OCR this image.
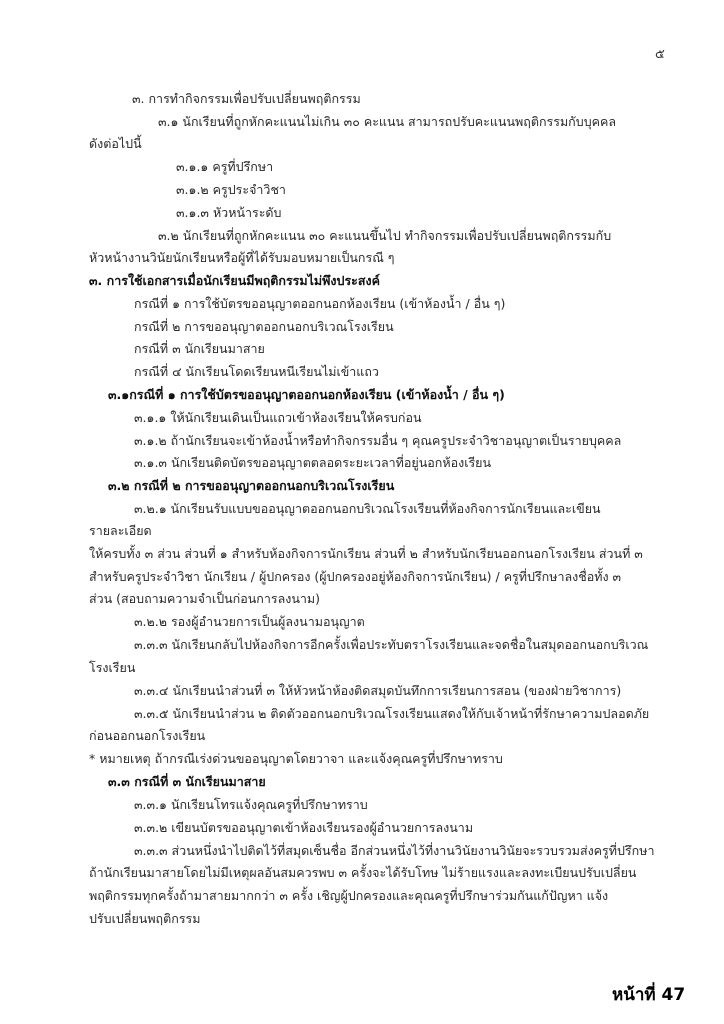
๕

๓. การทำกิจกรรมเพื่อปรับเปลี่ยนพฤติกรรม

๓.๑ นักเรียนที่ถูกหักคะแนนไม่เกิน ๓๐ คะแนน สามารถปรับคะแนนพฤติกรรมกับบุคคล

ดังต่อไปนี้

๓.๑.๑ ครูที่ปรึกษา

๓.๑.๒ ครูประจำวิชา

๓.๑.๓ หัวหน้าระดับ

๓.๒ นักเรียนที่ถูกหักคะแนน ๓๐ คะแนนขึ้นไป ทำกิจกรรมเพื่อปรับเปลี่ยนพฤติกรรมกับ

หัวหน้างานวินัยนักเรียนหรือผู้ที่ได้รับมอบหมายเป็นกรณี ๆ

๓. การใช้เอกสารเมื่อนักเรียนมีพฤติกรรมไม่พึงประสงค์

กรณีที่ ๑ การใช้บัตรขออนุญาตออกนอกห้องเรียน (เข้าห้องน้ำ / อื่น ๆ)

กรณีที่ ๒ การขออนุญาตออกนอกบริเวณโรงเรียน

กรณีที่ ๓ นักเรียนมาสาย

กรณีที่ ๔ นักเรียนโดดเรียนหนีเรียนไม่เข้าแถว

๓.๑กรณีที่ ๑ การใช้บัตรขออนุญาตออกนอกห้องเรียน (เข้าห้องน้ำ / อื่น ๆ)

๓.๑.๑ ให้นักเรียนเดินเป็นแถวเข้าห้องเรียนให้ครบก่อน

๓.๑.๒ ถ้านักเรียนจะเข้าห้องน้ำหรือทำกิจกรรมอื่น ๆ คุณครูประจำวิชาอนุญาตเป็นรายบุคคล

๓.๑.๓ นักเรียนติดบัตรขออนุญาตตลอดระยะเวลาที่อยู่นอกห้องเรียน

๓.๒ กรณีที่ ๒ การขออนุญาตออกนอกบริเวณโรงเรียน

๓.๒.๑ นักเรียนรับแบบขออนุญาตออกนอกบริเวณโรงเรียนที่ห้องกิจการนักเรียนและเขียน

รายละเอียด

ให้ครบทั้ง ๓ ส่วน ส่วนที่ ๑ สำหรับห้องกิจการนักเรียน ส่วนที่ ๒ สำหรับนักเรียนออกนอกโรงเรียน ส่วนที่ ๓

สำหรับครูประจำวิชา นักเรียน / ผู้ปกครอง (ผู้ปกครองอยู่ห้องกิจการนักเรียน) / ครูที่ปรึกษาลงชื่อทั้ง ๓

ส่วน (สอบถามความจำเป็นก่อนการลงนาม)

๓.๒.๒ รองผู้อำนวยการเป็นผู้ลงนามอนุญาต

๓.๓.๓ นักเรียนกลับไปห้องกิจการอีกครั้งเพื่อประทับตราโรงเรียนและจดชื่อในสมุดออกนอกบริเวณ

โรงเรียน

๓.๓.๔ นักเรียนนำส่วนที่ ๓ ให้หัวหน้าห้องติดสมุดบันทึกการเรียนการสอน (ของฝ่ายวิชาการ)

๓.๓.๕ นักเรียนนำส่วน ๒ ติดตัวออกนอกบริเวณโรงเรียนแสดงให้กับเจ้าหน้าที่รักษาความปลอดภัย

ก่อนออกนอกโรงเรียน

* หมายเหตุ ถ้ากรณีเร่งด่วนขออนุญาตโดยวาจา และแจ้งคุณครูที่ปรึกษาทราบ

๓.๓ กรณีที่ ๓ นักเรียนมาสาย

๓.๓.๑ นักเรียนโทรแจ้งคุณครูที่ปรึกษาทราบ

๓.๓.๒ เขียนบัตรขออนุญาตเข้าห้องเรียนรองผู้อำนวยการลงนาม

๓.๓.๓ ส่วนหนึ่งนำไปติดไว้ที่สมุดเซ็นชื่อ อีกส่วนหนึ่งไว้ที่งานวินัยงานวินัยจะรวบรวมส่งครูที่ปรึกษา

ถ้านักเรียนมาสายโดยไม่มีเหตุผลอันสมควรพบ ๓ ครั้งจะได้รับโทษ ไม่ร้ายแรงและลงทะเบียนปรับเปลี่ยน

พฤติกรรมทุกครั้งถ้ามาสายมากกว่า ๓ ครั้ง เชิญผู้ปกครองและคุณครูที่ปรึกษาร่วมกันแก้ปัญหา แจ้ง

ปรับเปลี่ยนพฤติกรรม

หน้าที่ 47
